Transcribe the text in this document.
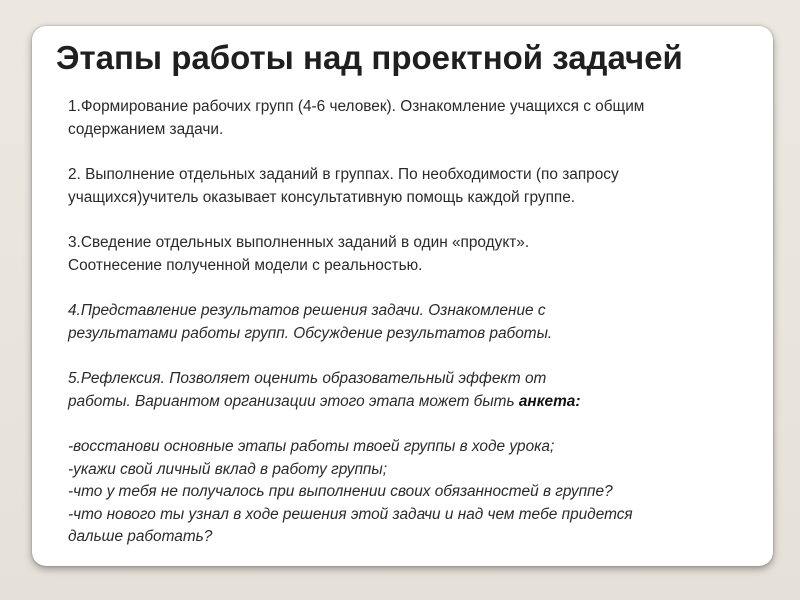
Этапы работы над проектной задачей

1.Формирование рабочих групп (4-6 человек). Ознакомление учащихся с общим
содержанием задачи.

2. Выполнение отдельных заданий в группах. По необходимости (по запросу
учащихся)учитель оказывает консультативную помощь каждой группе.

3.Сведение отдельных выполненных заданий в один «продукт».
Соотнесение полученной модели с реальностью.

4.Представление результатов решения задачи. Ознакомление с
результатами работы групп. Обсуждение результатов работы.

5.Рефлексия. Позволяет оценить образовательный эффект от
работы. Вариантом организации этого этапа может быть анкета:

-восстанови основные этапы работы твоей группы в ходе урока;
-укажи свой личный вклад в работу группы;
-что у тебя не получалось при выполнении своих обязанностей в группе?
-что нового ты узнал в ходе решения этой задачи и над чем тебе придется
дальше работать?
